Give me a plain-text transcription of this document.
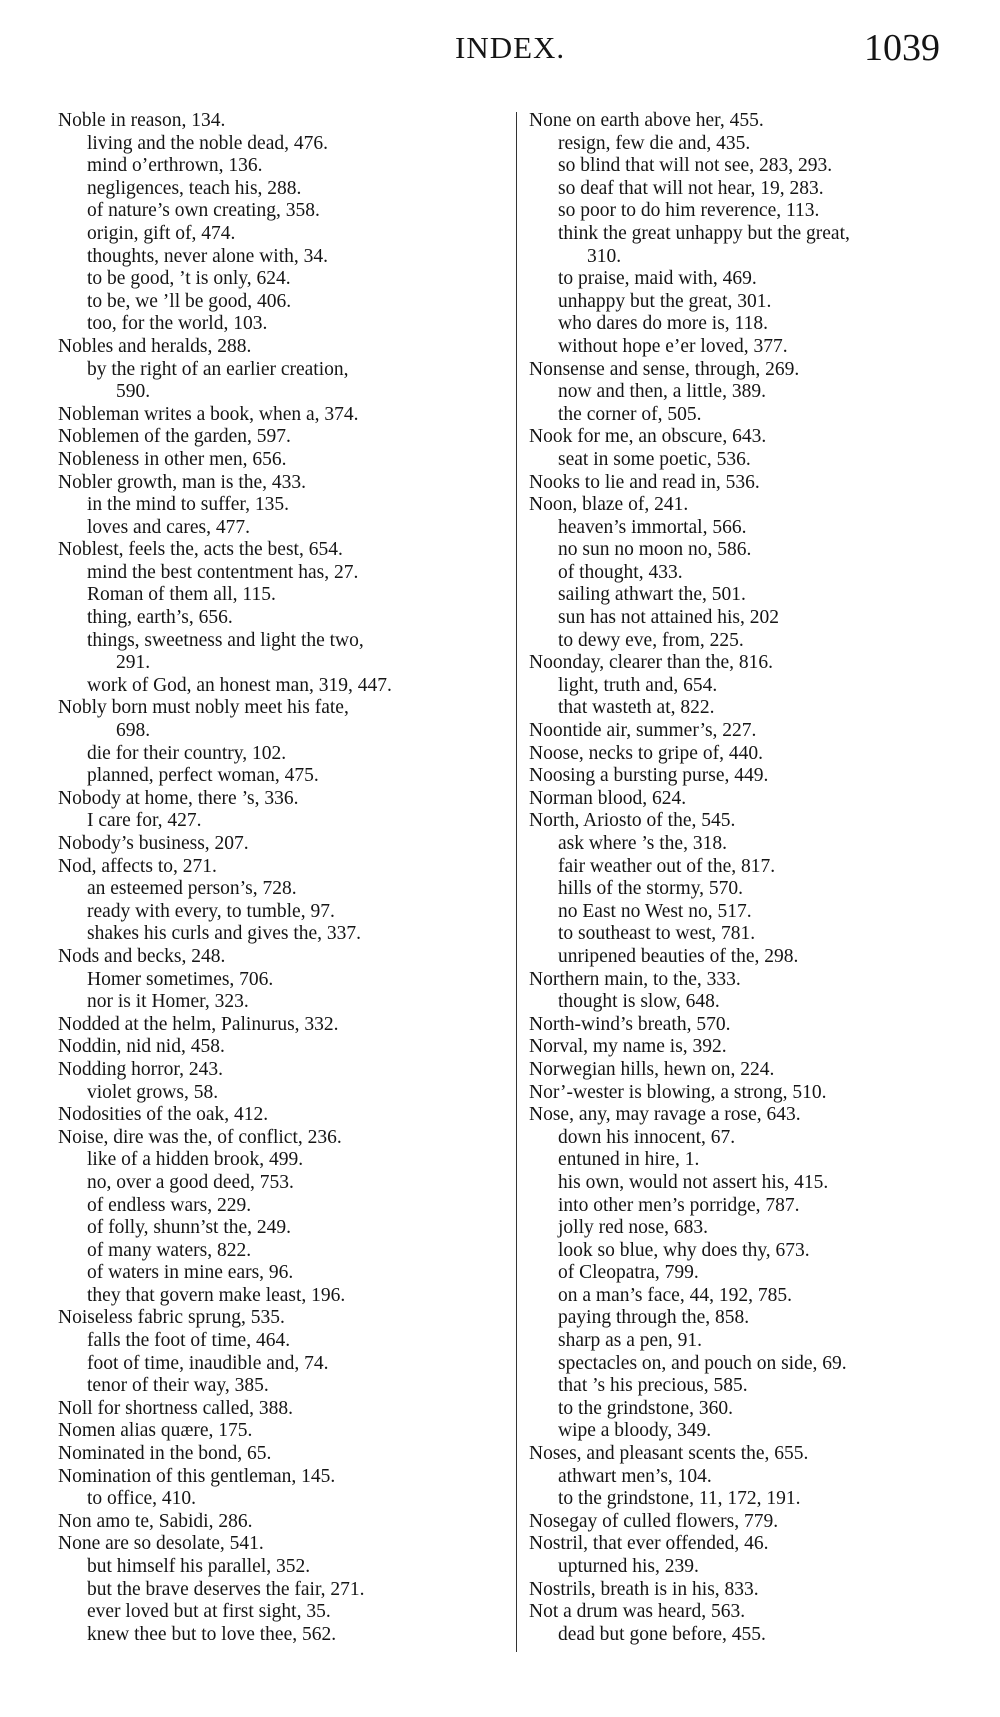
INDEX.	1039
Noble in reason, 134.
living and the noble dead, 476.
mind o’erthrown, 136.
negligences, teach his, 288.
of nature’s own creating, 358.
origin, gift of, 474.
thoughts, never alone with, 34.
to be good, ’t is only, 624.
to be, we ’ll be good, 406.
too, for the world, 103.
Nobles and heralds, 288.
by the right of an earlier creation,
590.
Nobleman writes a book, when a, 374.
Noblemen of the garden, 597.
Nobleness in other men, 656.
Nobler growth, man is the, 433.
in the mind to suffer, 135.
loves and cares, 477.
Noblest, feels the, acts the best, 654.
mind the best contentment has, 27.
Roman of them all, 115.
thing, earth’s, 656.
things, sweetness and light the two,
291.
work of God, an honest man, 319, 447.
Nobly born must nobly meet his fate,
698.
die for their country, 102.
planned, perfect woman, 475.
Nobody at home, there ’s, 336.
I care for, 427.
Nobody’s business, 207.
Nod, affects to, 271.
an esteemed person’s, 728.
ready with every, to tumble, 97.
shakes his curls and gives the, 337.
Nods and becks, 248.
Homer sometimes, 706.
nor is it Homer, 323.
Nodded at the helm, Palinurus, 332.
Noddin, nid nid, 458.
Nodding horror, 243.
violet grows, 58.
Nodosities of the oak, 412.
Noise, dire was the, of conflict, 236.
like of a hidden brook, 499.
no, over a good deed, 753.
of endless wars, 229.
of folly, shunn’st the, 249.
of many waters, 822.
of waters in mine ears, 96.
they that govern make least, 196.
Noiseless fabric sprung, 535.
falls the foot of time, 464.
foot of time, inaudible and, 74.
tenor of their way, 385.
Noll for shortness called, 388.
Nomen alias quære, 175.
Nominated in the bond, 65.
Nomination of this gentleman, 145.
to office, 410.
Non amo te, Sabidi, 286.
None are so desolate, 541.
but himself his parallel, 352.
but the brave deserves the fair, 271.
ever loved but at first sight, 35.
knew thee but to love thee, 562.
None on earth above her, 455.
resign, few die and, 435.
so blind that will not see, 283, 293.
so deaf that will not hear, 19, 283.
so poor to do him reverence, 113.
think the great unhappy but the great,
310.
to praise, maid with, 469.
unhappy but the great, 301.
who dares do more is, 118.
without hope e’er loved, 377.
Nonsense and sense, through, 269.
now and then, a little, 389.
the corner of, 505.
Nook for me, an obscure, 643.
seat in some poetic, 536.
Nooks to lie and read in, 536.
Noon, blaze of, 241.
heaven’s immortal, 566.
no sun no moon no, 586.
of thought, 433.
sailing athwart the, 501.
sun has not attained his, 202
to dewy eve, from, 225.
Noonday, clearer than the, 816.
light, truth and, 654.
that wasteth at, 822.
Noontide air, summer’s, 227.
Noose, necks to gripe of, 440.
Noosing a bursting purse, 449.
Norman blood, 624.
North, Ariosto of the, 545.
ask where ’s the, 318.
fair weather out of the, 817.
hills of the stormy, 570.
no East no West no, 517.
to southeast to west, 781.
unripened beauties of the, 298.
Northern main, to the, 333.
thought is slow, 648.
North-wind’s breath, 570.
Norval, my name is, 392.
Norwegian hills, hewn on, 224.
Nor’-wester is blowing, a strong, 510.
Nose, any, may ravage a rose, 643.
down his innocent, 67.
entuned in hire, 1.
his own, would not assert his, 415.
into other men’s porridge, 787.
jolly red nose, 683.
look so blue, why does thy, 673.
of Cleopatra, 799.
on a man’s face, 44, 192, 785.
paying through the, 858.
sharp as a pen, 91.
spectacles on, and pouch on side, 69.
that ’s his precious, 585.
to the grindstone, 360.
wipe a bloody, 349.
Noses, and pleasant scents the, 655.
athwart men’s, 104.
to the grindstone, 11, 172, 191.
Nosegay of culled flowers, 779.
Nostril, that ever offended, 46.
upturned his, 239.
Nostrils, breath is in his, 833.
Not a drum was heard, 563.
dead but gone before, 455.
